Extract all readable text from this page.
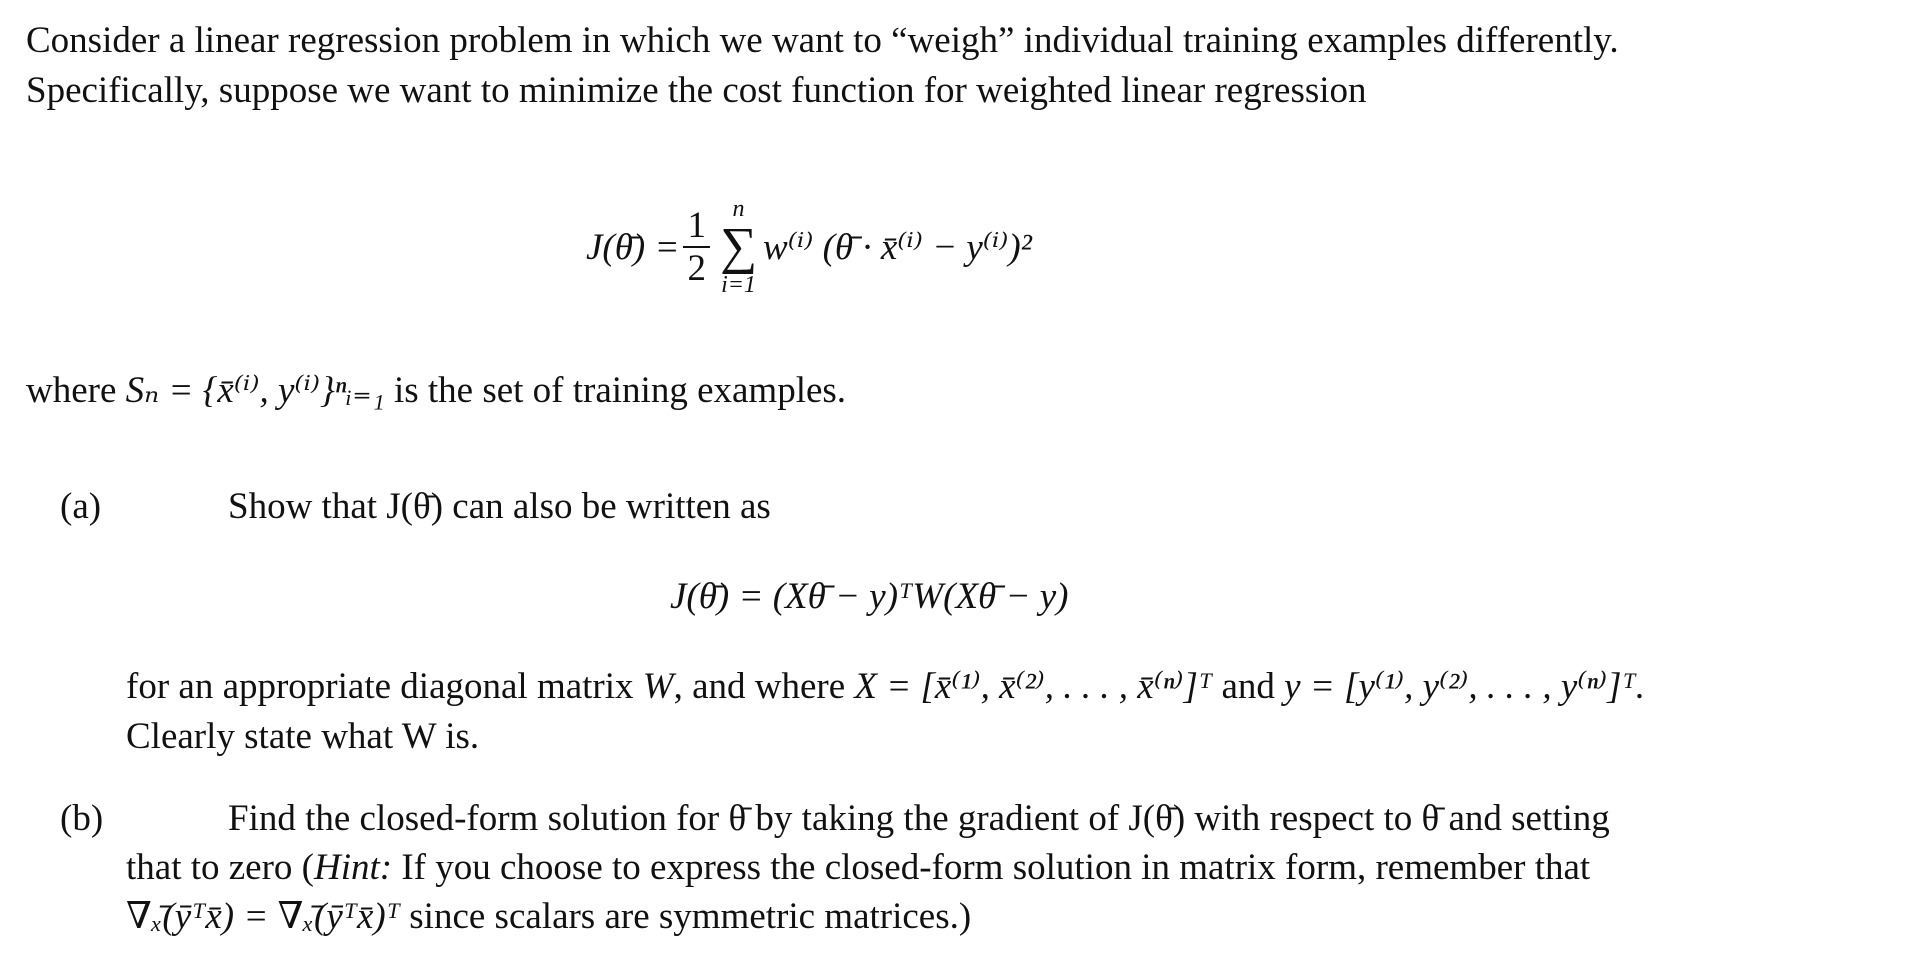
Consider a linear regression problem in which we want to “weigh” individual training examples differently.
Specifically, suppose we want to minimize the cost function for weighted linear regression
J(θ̄) = $\frac{1}{2}$ n
∑
i=1
w⁽ⁱ⁾ (θ̄ · x̄⁽ⁱ⁾ − y⁽ⁱ⁾)²
where Sₙ = {x̄⁽ⁱ⁾, y⁽ⁱ⁾}ⁿᵢ₌₁ is the set of training examples.
(a)	Show that J(θ̄) can also be written as
J(θ̄) = (Xθ̄ − y)ᵀW(Xθ̄ − y)
for an appropriate diagonal matrix W, and where X = [x̄⁽¹⁾, x̄⁽²⁾, . . . , x̄⁽ⁿ⁾]ᵀ and y = [y⁽¹⁾, y⁽²⁾, . . . , y⁽ⁿ⁾]ᵀ.
Clearly state what W is.
(b)	Find the closed-form solution for θ̄ by taking the gradient of J(θ̄) with respect to θ̄ and setting
that to zero (Hint: If you choose to express the closed-form solution in matrix form, remember that
∇ₓ̄(ȳᵀx̄) = ∇ₓ̄(ȳᵀx̄)ᵀ since scalars are symmetric matrices.)
